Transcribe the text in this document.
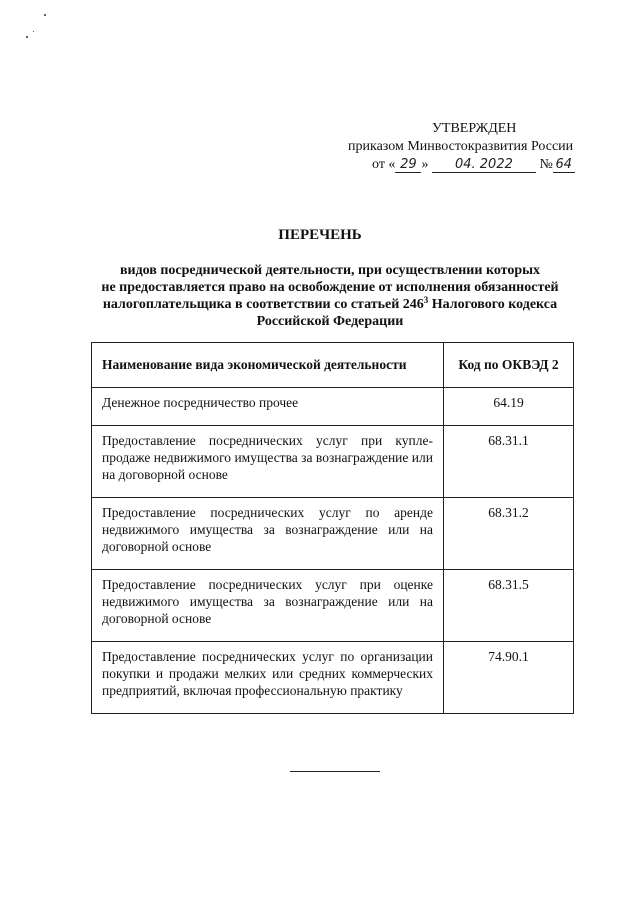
УТВЕРЖДЕН
приказом Минвостокразвития России
от « 29 » 04. 2022 № 64
ПЕРЕЧЕНЬ
видов посреднической деятельности, при осуществлении которых
не предоставляется право на освобождение от исполнения обязанностей
налогоплательщика в соответствии со статьей $246^3$ Налогового кодекса
Российской Федерации
Наименование вида экономической деятельности	Код по ОКВЭД 2
Денежное посредничество прочее	64.19
Предоставление посреднических услуг при купле-продаже недвижимого имущества за вознаграждение или на договорной основе	68.31.1
Предоставление посреднических услуг по аренде недвижимого имущества за вознаграждение или на договорной основе	68.31.2
Предоставление посреднических услуг при оценке недвижимого имущества за вознаграждение или на договорной основе	68.31.5
Предоставление посреднических услуг по организации покупки и продажи мелких или средних коммерческих предприятий, включая профессиональную практику	74.90.1
